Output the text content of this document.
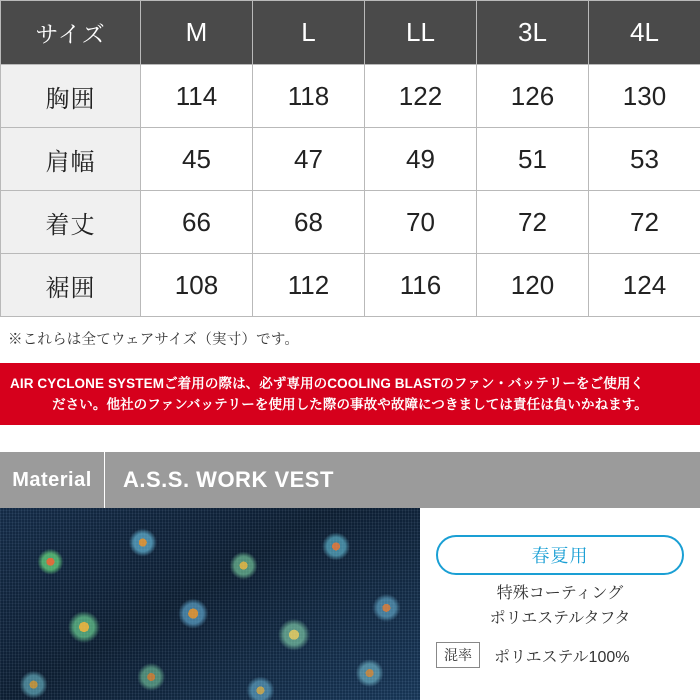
サイズ	M	L	LL	3L	4L
胸囲	114	118	122	126	130
肩幅	45	47	49	51	53
着丈	66	68	70	72	72
裾囲	108	112	116	120	124
※これらは全てウェアサイズ（実寸）です。
AIR CYCLONE SYSTEMご着用の際は、必ず専用のCOOLING BLASTのファン・バッテリーをご使用く
ださい。他社のファンバッテリーを使用した際の事故や故障につきましては責任は負いかねます。
Material	A.S.S. WORK VEST
春夏用
特殊コーティング
ポリエステルタフタ
混率	ポリエステル100%
